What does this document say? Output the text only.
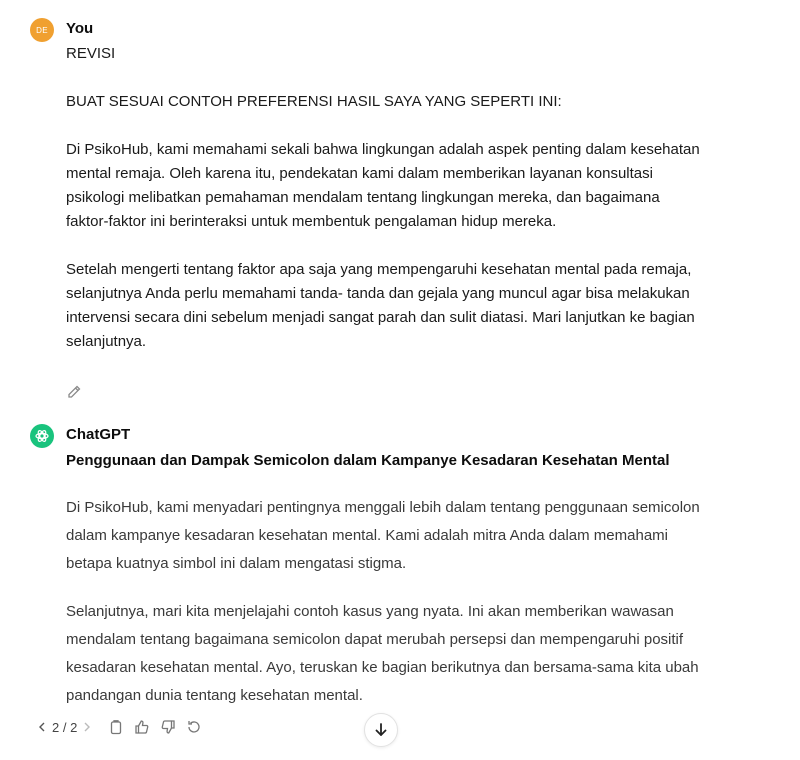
DE You

REVISI

BUAT SESUAI CONTOH PREFERENSI HASIL SAYA YANG SEPERTI INI:

Di PsikoHub, kami memahami sekali bahwa lingkungan adalah aspek penting dalam kesehatan mental remaja. Oleh karena itu, pendekatan kami dalam memberikan layanan konsultasi psikologi melibatkan pemahaman mendalam tentang lingkungan mereka, dan bagaimana faktor-faktor ini berinteraksi untuk membentuk pengalaman hidup mereka.

Setelah mengerti tentang faktor apa saja yang mempengaruhi kesehatan mental pada remaja, selanjutnya Anda perlu memahami tanda- tanda dan gejala yang muncul agar bisa melakukan intervensi secara dini sebelum menjadi sangat parah dan sulit diatasi. Mari lanjutkan ke bagian selanjutnya.

ChatGPT

Penggunaan dan Dampak Semicolon dalam Kampanye Kesadaran Kesehatan Mental

Di PsikoHub, kami menyadari pentingnya menggali lebih dalam tentang penggunaan semicolon dalam kampanye kesadaran kesehatan mental. Kami adalah mitra Anda dalam memahami betapa kuatnya simbol ini dalam mengatasi stigma.

Selanjutnya, mari kita menjelajahi contoh kasus yang nyata. Ini akan memberikan wawasan mendalam tentang bagaimana semicolon dapat merubah persepsi dan mempengaruhi positif kesadaran kesehatan mental. Ayo, teruskan ke bagian berikutnya dan bersama-sama kita ubah pandangan dunia tentang kesehatan mental.

2 / 2
